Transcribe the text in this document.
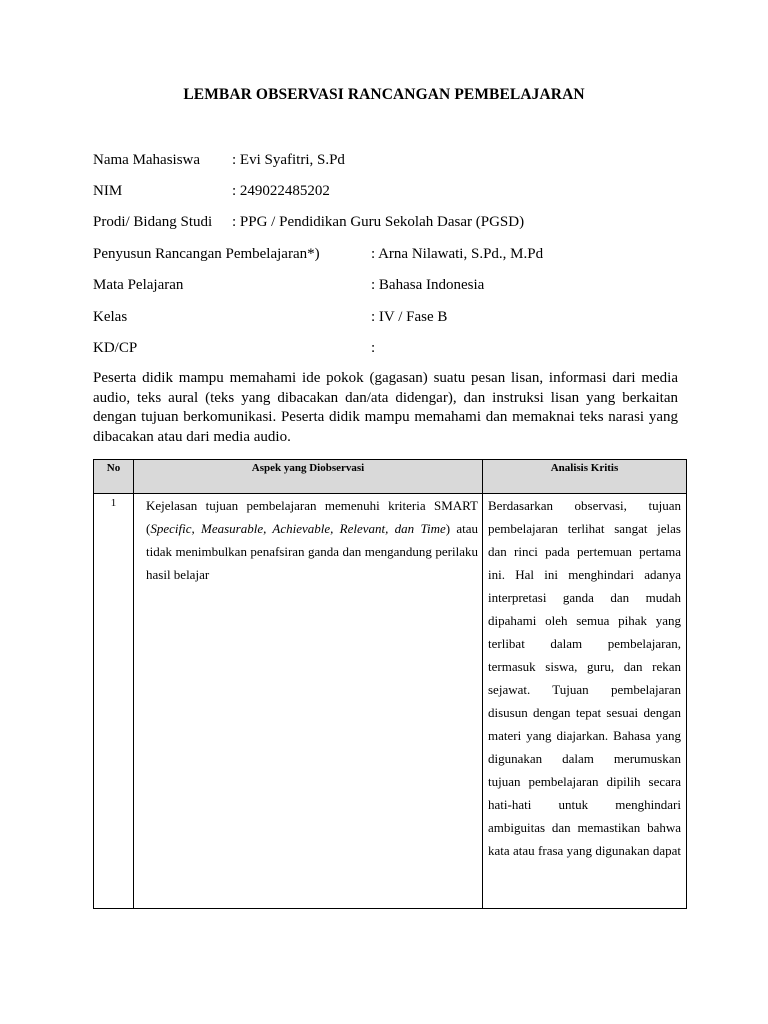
LEMBAR OBSERVASI RANCANGAN PEMBELAJARAN
Nama Mahasiswa : Evi Syafitri, S.Pd
NIM	: 249022485202
Prodi/ Bidang Studi : PPG / Pendidikan Guru Sekolah Dasar (PGSD)
Penyusun Rancangan Pembelajaran*)	: Arna Nilawati, S.Pd., M.Pd
Mata Pelajaran	: Bahasa Indonesia
Kelas	: IV / Fase B
KD/CP	:
Peserta didik mampu memahami ide pokok (gagasan) suatu pesan lisan, informasi dari media audio, teks aural (teks yang dibacakan dan/ata didengar), dan instruksi lisan yang berkaitan dengan tujuan berkomunikasi. Peserta didik mampu memahami dan memaknai teks narasi yang dibacakan atau dari media audio.
No	Aspek yang Diobservasi	Analisis Kritis
1	Kejelasan tujuan pembelajaran memenuhi kriteria SMART (Specific, Measurable, Achievable, Relevant, dan Time) atau tidak menimbulkan penafsiran ganda dan mengandung perilaku hasil belajar	Berdasarkan observasi, tujuan pembelajaran terlihat sangat jelas dan rinci pada pertemuan pertama ini. Hal ini menghindari adanya interpretasi ganda dan mudah dipahami oleh semua pihak yang terlibat dalam pembelajaran, termasuk siswa, guru, dan rekan sejawat. Tujuan pembelajaran disusun dengan tepat sesuai dengan materi yang diajarkan. Bahasa yang digunakan dalam merumuskan tujuan pembelajaran dipilih secara hati-hati untuk menghindari ambiguitas dan memastikan bahwa kata atau frasa yang digunakan dapat
